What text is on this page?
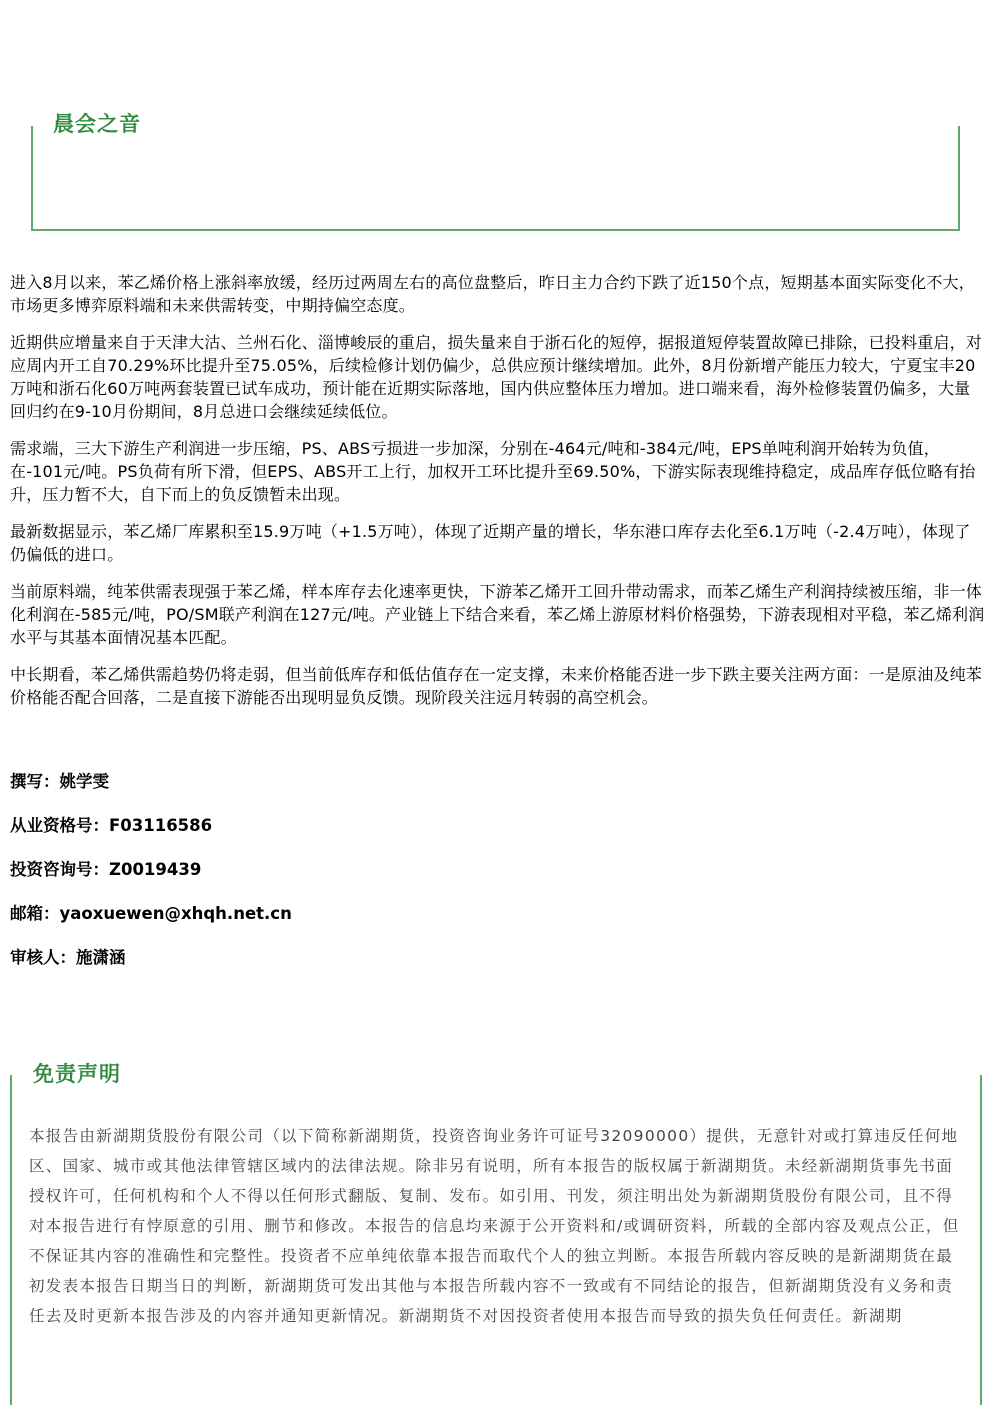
晨会之音

进入8月以来，苯乙烯价格上涨斜率放缓，经历过两周左右的高位盘整后，昨日主力合约下跌了近150个点，短期基本面实际变化不大，市场更多博弈原料端和未来供需转变，中期持偏空态度。

近期供应增量来自于天津大沽、兰州石化、淄博峻辰的重启，损失量来自于浙石化的短停，据报道短停装置故障已排除，已投料重启，对应周内开工自70.29%环比提升至75.05%，后续检修计划仍偏少，总供应预计继续增加。此外，8月份新增产能压力较大，宁夏宝丰20万吨和浙石化60万吨两套装置已试车成功，预计能在近期实际落地，国内供应整体压力增加。进口端来看，海外检修装置仍偏多，大量回归约在9-10月份期间，8月总进口会继续延续低位。

需求端，三大下游生产利润进一步压缩，PS、ABS亏损进一步加深，分别在-464元/吨和-384元/吨，EPS单吨利润开始转为负值，在-101元/吨。PS负荷有所下滑，但EPS、ABS开工上行，加权开工环比提升至69.50%，下游实际表现维持稳定，成品库存低位略有抬升，压力暂不大，自下而上的负反馈暂未出现。

最新数据显示，苯乙烯厂库累积至15.9万吨（+1.5万吨），体现了近期产量的增长，华东港口库存去化至6.1万吨（-2.4万吨），体现了仍偏低的进口。

当前原料端，纯苯供需表现强于苯乙烯，样本库存去化速率更快，下游苯乙烯开工回升带动需求，而苯乙烯生产利润持续被压缩，非一体化利润在-585元/吨，PO/SM联产利润在127元/吨。产业链上下结合来看，苯乙烯上游原材料价格强势，下游表现相对平稳，苯乙烯利润水平与其基本面情况基本匹配。

中长期看，苯乙烯供需趋势仍将走弱，但当前低库存和低估值存在一定支撑，未来价格能否进一步下跌主要关注两方面：一是原油及纯苯价格能否配合回落，二是直接下游能否出现明显负反馈。现阶段关注远月转弱的高空机会。

撰写：姚学雯

从业资格号：F03116586

投资咨询号：Z0019439

邮箱：yaoxuewen@xhqh.net.cn

审核人：施潇涵

免责声明

本报告由新湖期货股份有限公司（以下简称新湖期货，投资咨询业务许可证号32090000）提供，无意针对或打算违反任何地区、国家、城市或其他法律管辖区域内的法律法规。除非另有说明，所有本报告的版权属于新湖期货。未经新湖期货事先书面授权许可，任何机构和个人不得以任何形式翻版、复制、发布。如引用、刊发，须注明出处为新湖期货股份有限公司，且不得对本报告进行有悖原意的引用、删节和修改。本报告的信息均来源于公开资料和/或调研资料，所载的全部内容及观点公正，但不保证其内容的准确性和完整性。投资者不应单纯依靠本报告而取代个人的独立判断。本报告所载内容反映的是新湖期货在最初发表本报告日期当日的判断，新湖期货可发出其他与本报告所载内容不一致或有不同结论的报告，但新湖期货没有义务和责任去及时更新本报告涉及的内容并通知更新情况。新湖期货不对因投资者使用本报告而导致的损失负任何责任。新湖期
